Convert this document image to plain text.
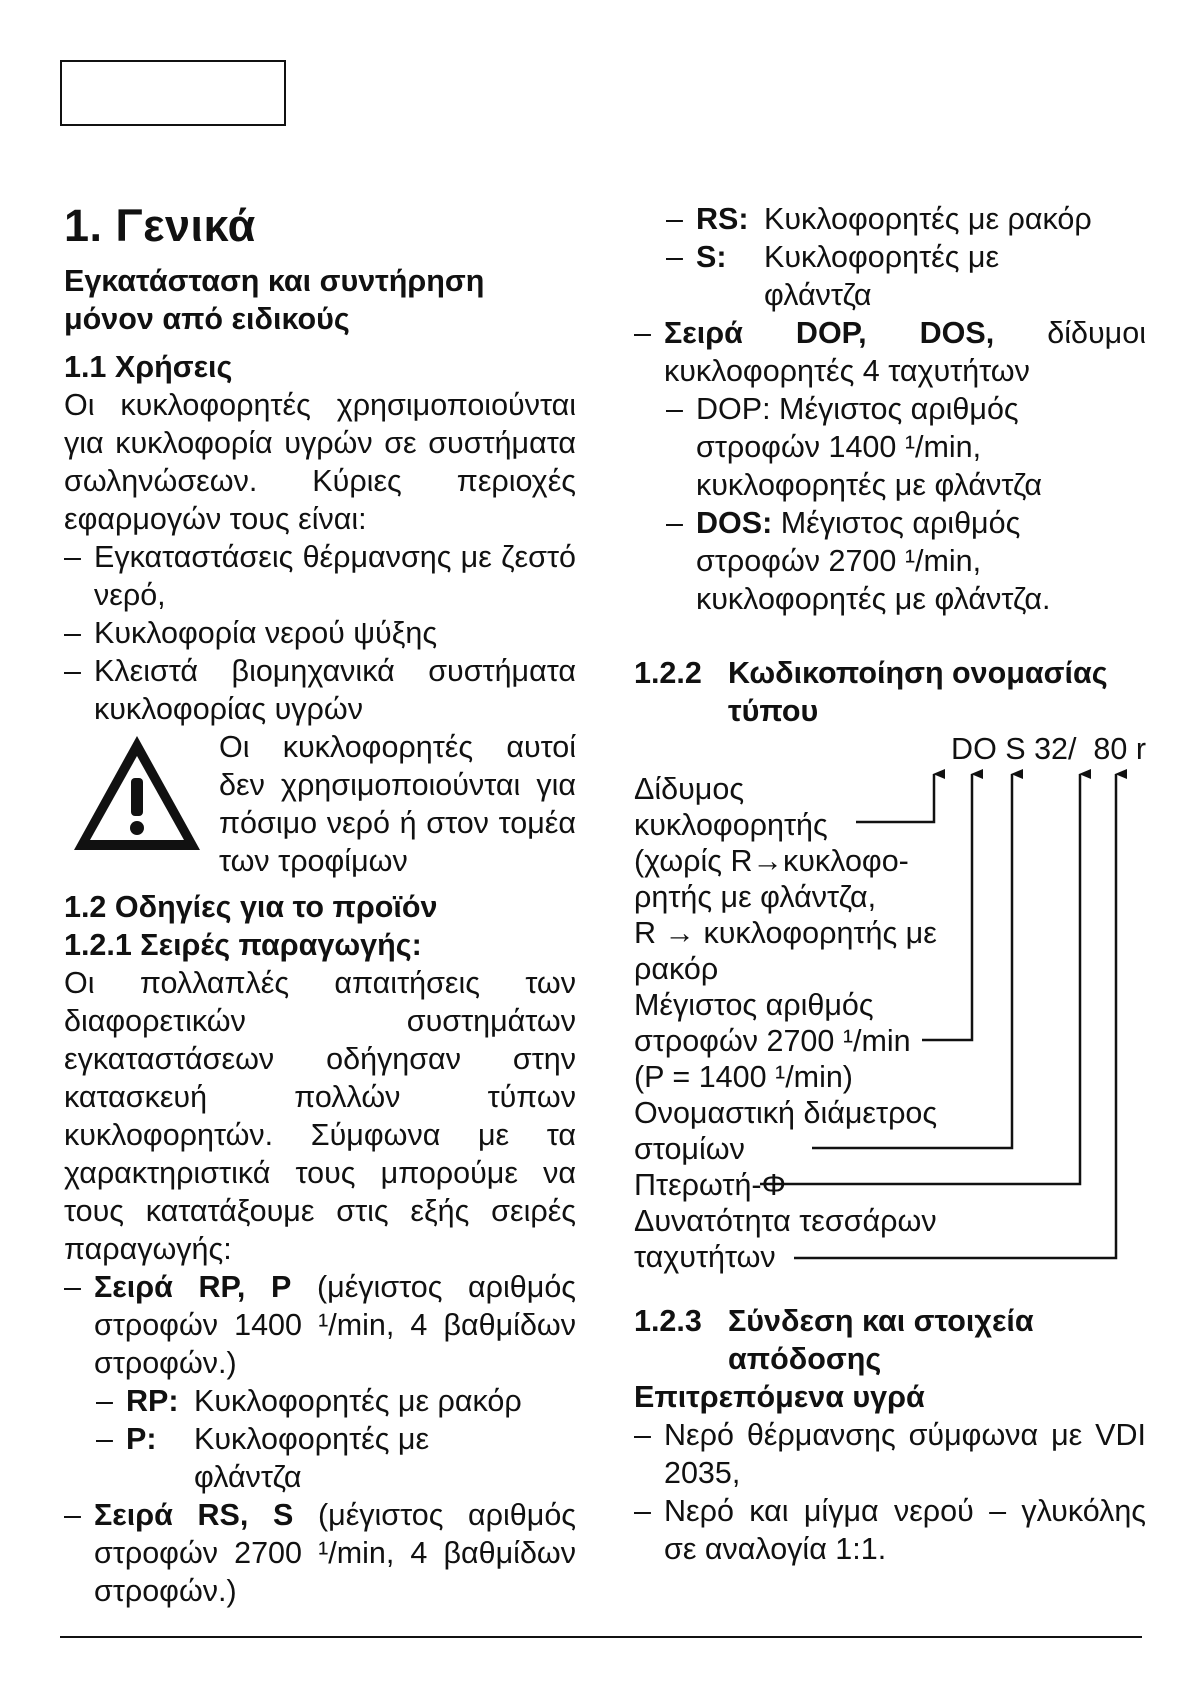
1. Γενικά
Εγκατάσταση και συντήρηση
μόνον από ειδικούς
1.1 Χρήσεις
Οι κυκλοφορητές χρησιμοποιούνται για κυκλοφορία υγρών σε συστήματα σωληνώσεων. Κύριες περιοχές εφαρμογών τους είναι:
– Εγκαταστάσεις θέρμανσης με ζεστό νερό,
– Κυκλοφορία νερού ψύξης
– Κλειστά βιομηχανικά συστήματα κυκλοφορίας υγρών
Οι κυκλοφορητές αυτοί δεν χρησιμοποιούνται για πόσιμο νερό ή στον τομέα των τροφίμων
1.2 Οδηγίες για το προϊόν
1.2.1 Σειρές παραγωγής:
Οι πολλαπλές απαιτήσεις των διαφορετικών συστημάτων εγκαταστάσεων οδήγησαν στην κατασκευή πολλών τύπων κυκλοφορητών. Σύμφωνα με τα χαρακτηριστικά τους μπορούμε να τους κατατάξουμε στις εξής σειρές παραγωγής:
– Σειρά RP, P (μέγιστος αριθμός στροφών 1400 ¹/min, 4 βαθμίδων στροφών.)
– RP: Κυκλοφορητές με ρακόρ
– P: Κυκλοφορητές με
φλάντζα
– Σειρά RS, S (μέγιστος αριθμός στροφών 2700 ¹/min, 4 βαθμίδων στροφών.)
– RS: Κυκλοφορητές με ρακόρ
– S: Κυκλοφορητές με
φλάντζα
– Σειρά DOP, DOS, δίδυμοι κυκλοφορητές 4 ταχυτήτων
– DOP: Μέγιστος αριθμός στροφών 1400 ¹/min, κυκλοφορητές με φλάντζα
– DOS: Μέγιστος αριθμός στροφών 2700 ¹/min, κυκλοφορητές με φλάντζα.
1.2.2 Κωδικοποίηση ονομασίας
τύπου
DO S 32/  80 r
Δίδυμος
κυκλοφορητής
(χωρίς R→κυκλοφο-
ρητής με φλάντζα,
R → κυκλοφορητής με
ρακόρ
Μέγιστος αριθμός
στροφών 2700 ¹/min
(P = 1400 ¹/min)
Ονομαστική διάμετρος
στομίων
Πτερωτή-Φ
Δυνατότητα τεσσάρων
ταχυτήτων
1.2.3 Σύνδεση και στοιχεία
απόδοσης
Επιτρεπόμενα υγρά
– Νερό θέρμανσης σύμφωνα με VDI 2035,
– Νερό και μίγμα νερού – γλυκόλης σε αναλογία 1:1.
